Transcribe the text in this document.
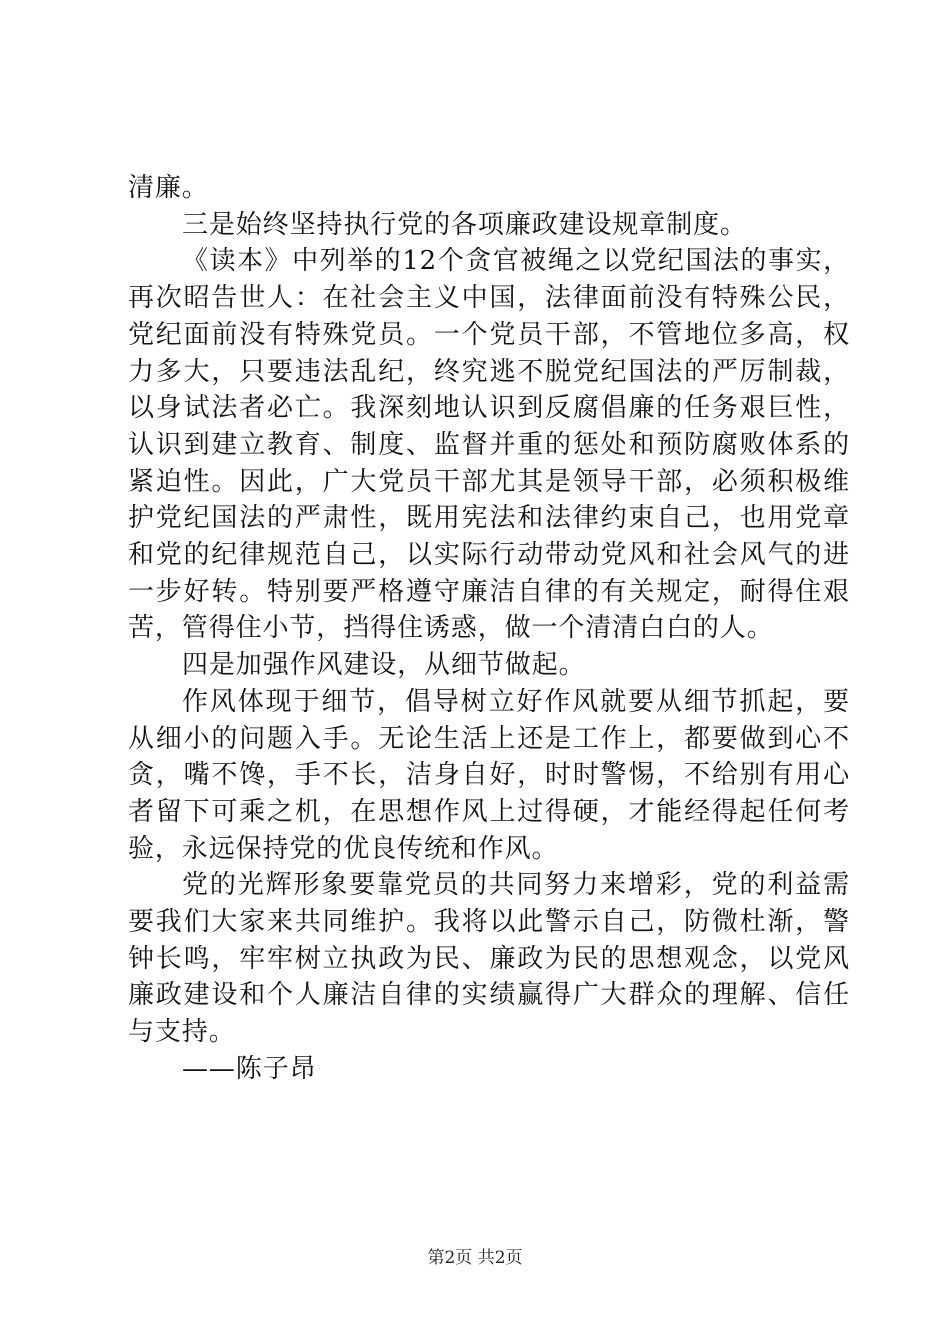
清廉。

三是始终坚持执行党的各项廉政建设规章制度。

《读本》中列举的12个贪官被绳之以党纪国法的事实，再次昭告世人：在社会主义中国，法律面前没有特殊公民，党纪面前没有特殊党员。一个党员干部，不管地位多高，权力多大，只要违法乱纪，终究逃不脱党纪国法的严厉制裁，以身试法者必亡。我深刻地认识到反腐倡廉的任务艰巨性，认识到建立教育、制度、监督并重的惩处和预防腐败体系的紧迫性。因此，广大党员干部尤其是领导干部，必须积极维护党纪国法的严肃性，既用宪法和法律约束自己，也用党章和党的纪律规范自己，以实际行动带动党风和社会风气的进一步好转。特别要严格遵守廉洁自律的有关规定，耐得住艰苦，管得住小节，挡得住诱惑，做一个清清白白的人。

四是加强作风建设，从细节做起。

作风体现于细节，倡导树立好作风就要从细节抓起，要从细小的问题入手。无论生活上还是工作上，都要做到心不贪，嘴不馋，手不长，洁身自好，时时警惕，不给别有用心者留下可乘之机，在思想作风上过得硬，才能经得起任何考验，永远保持党的优良传统和作风。

党的光辉形象要靠党员的共同努力来增彩，党的利益需要我们大家来共同维护。我将以此警示自己，防微杜渐，警钟长鸣，牢牢树立执政为民、廉政为民的思想观念，以党风廉政建设和个人廉洁自律的实绩赢得广大群众的理解、信任与支持。

——陈子昂

第2页 共2页
